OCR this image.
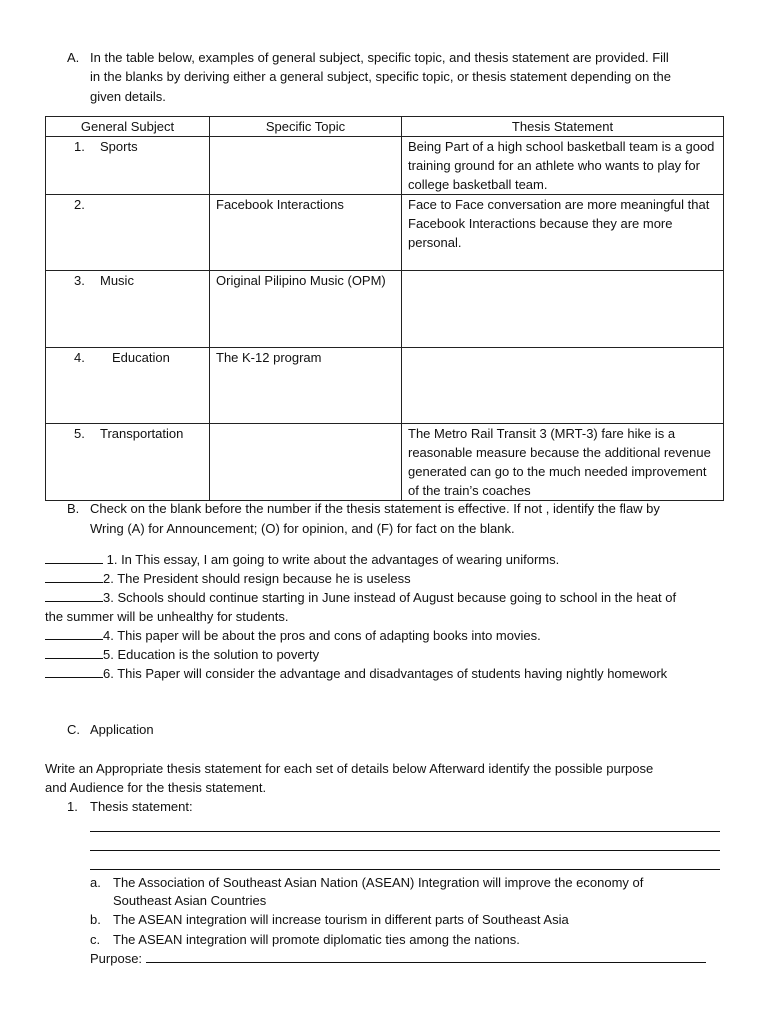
A. In the table below, examples of general subject, specific topic, and thesis statement are provided. Fill
in the blanks by deriving either a general subject, specific topic, or thesis statement depending on the
given details.
General Subject	Specific Topic	Thesis Statement
1. Sports		Being Part of a high school basketball team is a good training ground for an athlete who wants to play for college basketball team.
2.	Facebook Interactions	Face to Face conversation are more meaningful that Facebook Interactions because they are more personal.
3. Music	Original Pilipino Music (OPM)	
4. Education	The K-12 program	
5. Transportation		The Metro Rail Transit 3 (MRT-3) fare hike is a reasonable measure because the additional revenue generated can go to the much needed improvement of the train’s coaches
B. Check on the blank before the number if the thesis statement is effective. If not , identify the flaw by
Wring (A) for Announcement; (O) for opinion, and (F) for fact on the blank.
1. In This essay, I am going to write about the advantages of wearing uniforms.
2. The President should resign because he is useless
3. Schools should continue starting in June instead of August because going to school in the heat of
the summer will be unhealthy for students.
4. This paper will be about the pros and cons of adapting books into movies.
5. Education is the solution to poverty
6. This Paper will consider the advantage and disadvantages of students having nightly homework
C. Application
Write an Appropriate thesis statement for each set of details below Afterward identify the possible purpose
and Audience for the thesis statement.
1. Thesis statement:
a. The Association of Southeast Asian Nation (ASEAN) Integration will improve the economy of
Southeast Asian Countries
b. The ASEAN integration will increase tourism in different parts of Southeast Asia
c. The ASEAN integration will promote diplomatic ties among the nations.
Purpose:
